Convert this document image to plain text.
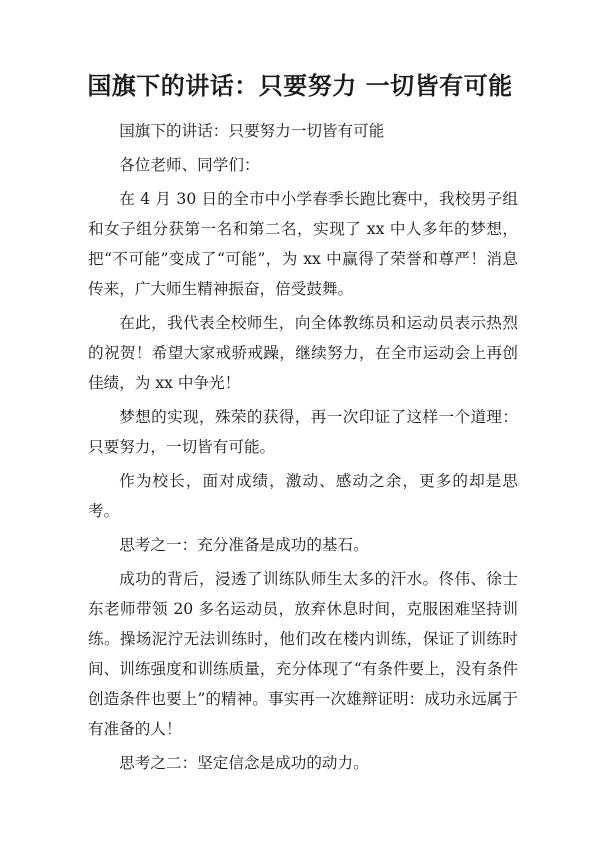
国旗下的讲话：只要努力 一切皆有可能

国旗下的讲话：只要努力一切皆有可能

各位老师、同学们：

在 4 月 30 日的全市中小学春季长跑比赛中，我校男子组和女子组分获第一名和第二名，实现了 xx 中人多年的梦想，把“不可能”变成了“可能”，为 xx 中赢得了荣誉和尊严！消息传来，广大师生精神振奋，倍受鼓舞。

在此，我代表全校师生，向全体教练员和运动员表示热烈的祝贺！希望大家戒骄戒躁，继续努力，在全市运动会上再创佳绩，为 xx 中争光！

梦想的实现，殊荣的获得，再一次印证了这样一个道理：只要努力，一切皆有可能。

作为校长，面对成绩，激动、感动之余，更多的却是思考。

思考之一：充分准备是成功的基石。

成功的背后，浸透了训练队师生太多的汗水。佟伟、徐士东老师带领 20 多名运动员，放弃休息时间，克服困难坚持训练。操场泥泞无法训练时，他们改在楼内训练，保证了训练时间、训练强度和训练质量，充分体现了“有条件要上，没有条件创造条件也要上”的精神。事实再一次雄辩证明：成功永远属于有准备的人！

思考之二：坚定信念是成功的动力。
